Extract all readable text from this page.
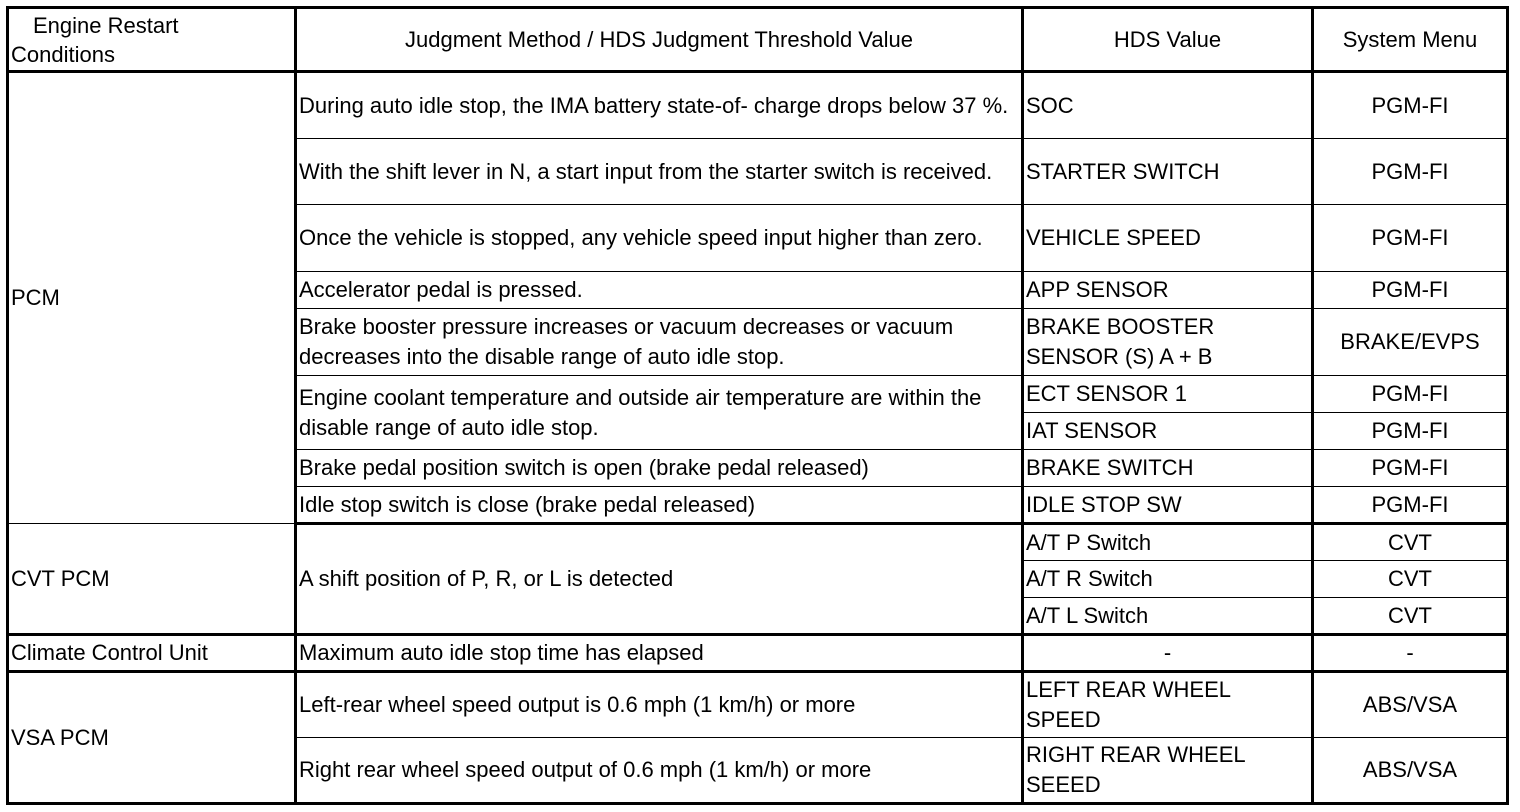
Engine Restart
Conditions	Judgment Method / HDS Judgment Threshold Value	HDS Value	System Menu
PCM	During auto idle stop, the IMA battery state-of- charge drops below 37 %.	SOC	PGM-FI
	With the shift lever in N, a start input from the starter switch is received.	STARTER SWITCH	PGM-FI
	Once the vehicle is stopped, any vehicle speed input higher than zero.	VEHICLE SPEED	PGM-FI
	Accelerator pedal is pressed.	APP SENSOR	PGM-FI
	Brake booster pressure increases or vacuum decreases or vacuum decreases into the disable range of auto idle stop.	BRAKE BOOSTER SENSOR (S) A + B	BRAKE/EVPS
	Engine coolant temperature and outside air temperature are within the disable range of auto idle stop.	ECT SENSOR 1	PGM-FI
		IAT SENSOR	PGM-FI
	Brake pedal position switch is open (brake pedal released)	BRAKE SWITCH	PGM-FI
	Idle stop switch is close (brake pedal released)	IDLE STOP SW	PGM-FI
CVT PCM	A shift position of P, R, or L is detected	A/T P Switch	CVT
		A/T R Switch	CVT
		A/T L Switch	CVT
Climate Control Unit	Maximum auto idle stop time has elapsed	-	-
VSA PCM	Left-rear wheel speed output is 0.6 mph (1 km/h) or more	LEFT REAR WHEEL SPEED	ABS/VSA
	Right rear wheel speed output of 0.6 mph (1 km/h) or more	RIGHT REAR WHEEL SEEED	ABS/VSA
